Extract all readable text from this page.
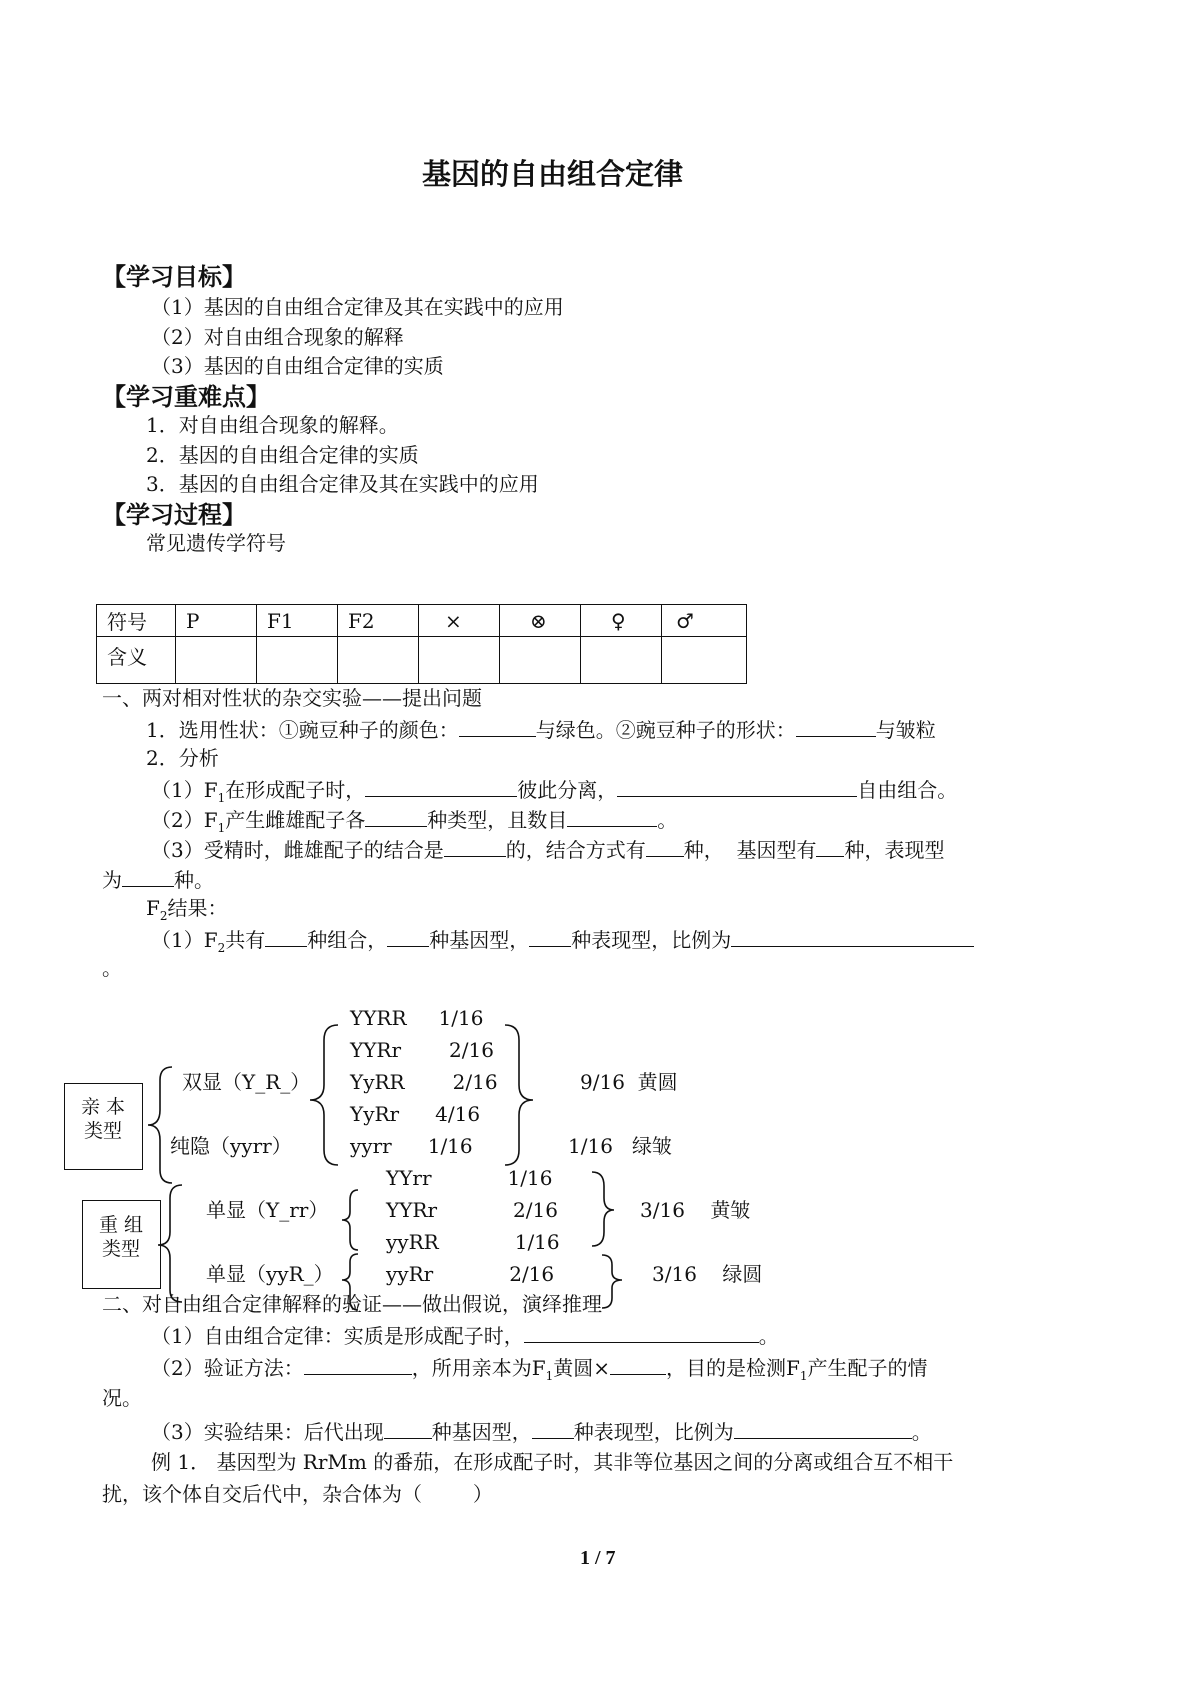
基因的自由组合定律
【学习目标】
（1）基因的自由组合定律及其在实践中的应用
（2）对自由组合现象的解释
（3）基因的自由组合定律的实质
【学习重难点】
1．对自由组合现象的解释。
2．基因的自由组合定律的实质
3．基因的自由组合定律及其在实践中的应用
【学习过程】
常见遗传学符号
符号	P	F1	F2	×	⊗	♀	♂
含义							
一、两对相对性状的杂交实验——提出问题
1．选用性状：①豌豆种子的颜色：	与绿色。②豌豆种子的形状：	与皱粒
2．分析
$(1)F_1$在形成配子时，	彼此分离，	自由组合。
$(2)F_1$产生雌雄配子各	种类型，且数目	。
（3）受精时，雌雄配子的结合是	的，结合方式有 种， 基因型有 种，表现型
为	种。
$F_2$结果：
$(1)F_2$共有 种组合， 种基因型， 种表现型，比例为
。
亲 本
类型
重 组
类型
双显（Y_R_）
纯隐（yyrr）
单显（Y_rr）
单显（yyR_）
YYRR 1/16
YYRr 2/16
YyRR 2/16
YyRr 4/16
yyrr 1/16
YYrr	1/16
YYRr	2/16
yyRR	1/16
yyRr	2/16
9/16  黄圆
1/16   绿皱
3/16    黄皱
3/16    绿圆
二、对自由组合定律解释的验证——做出假说，演绎推理
（1）自由组合定律：实质是形成配子时，	。
（2）验证方法：	，所用亲本为$F_1$黄圆×	，目的是检测$F_1$产生配子的情
况。
（3）实验结果：后代出现 种基因型， 种表现型，比例为	。
例 1． 基因型为 RrMm 的番茄，在形成配子时，其非等位基因之间的分离或组合互不相干
扰，该个体自交后代中，杂合体为（        ）
1 / 7
